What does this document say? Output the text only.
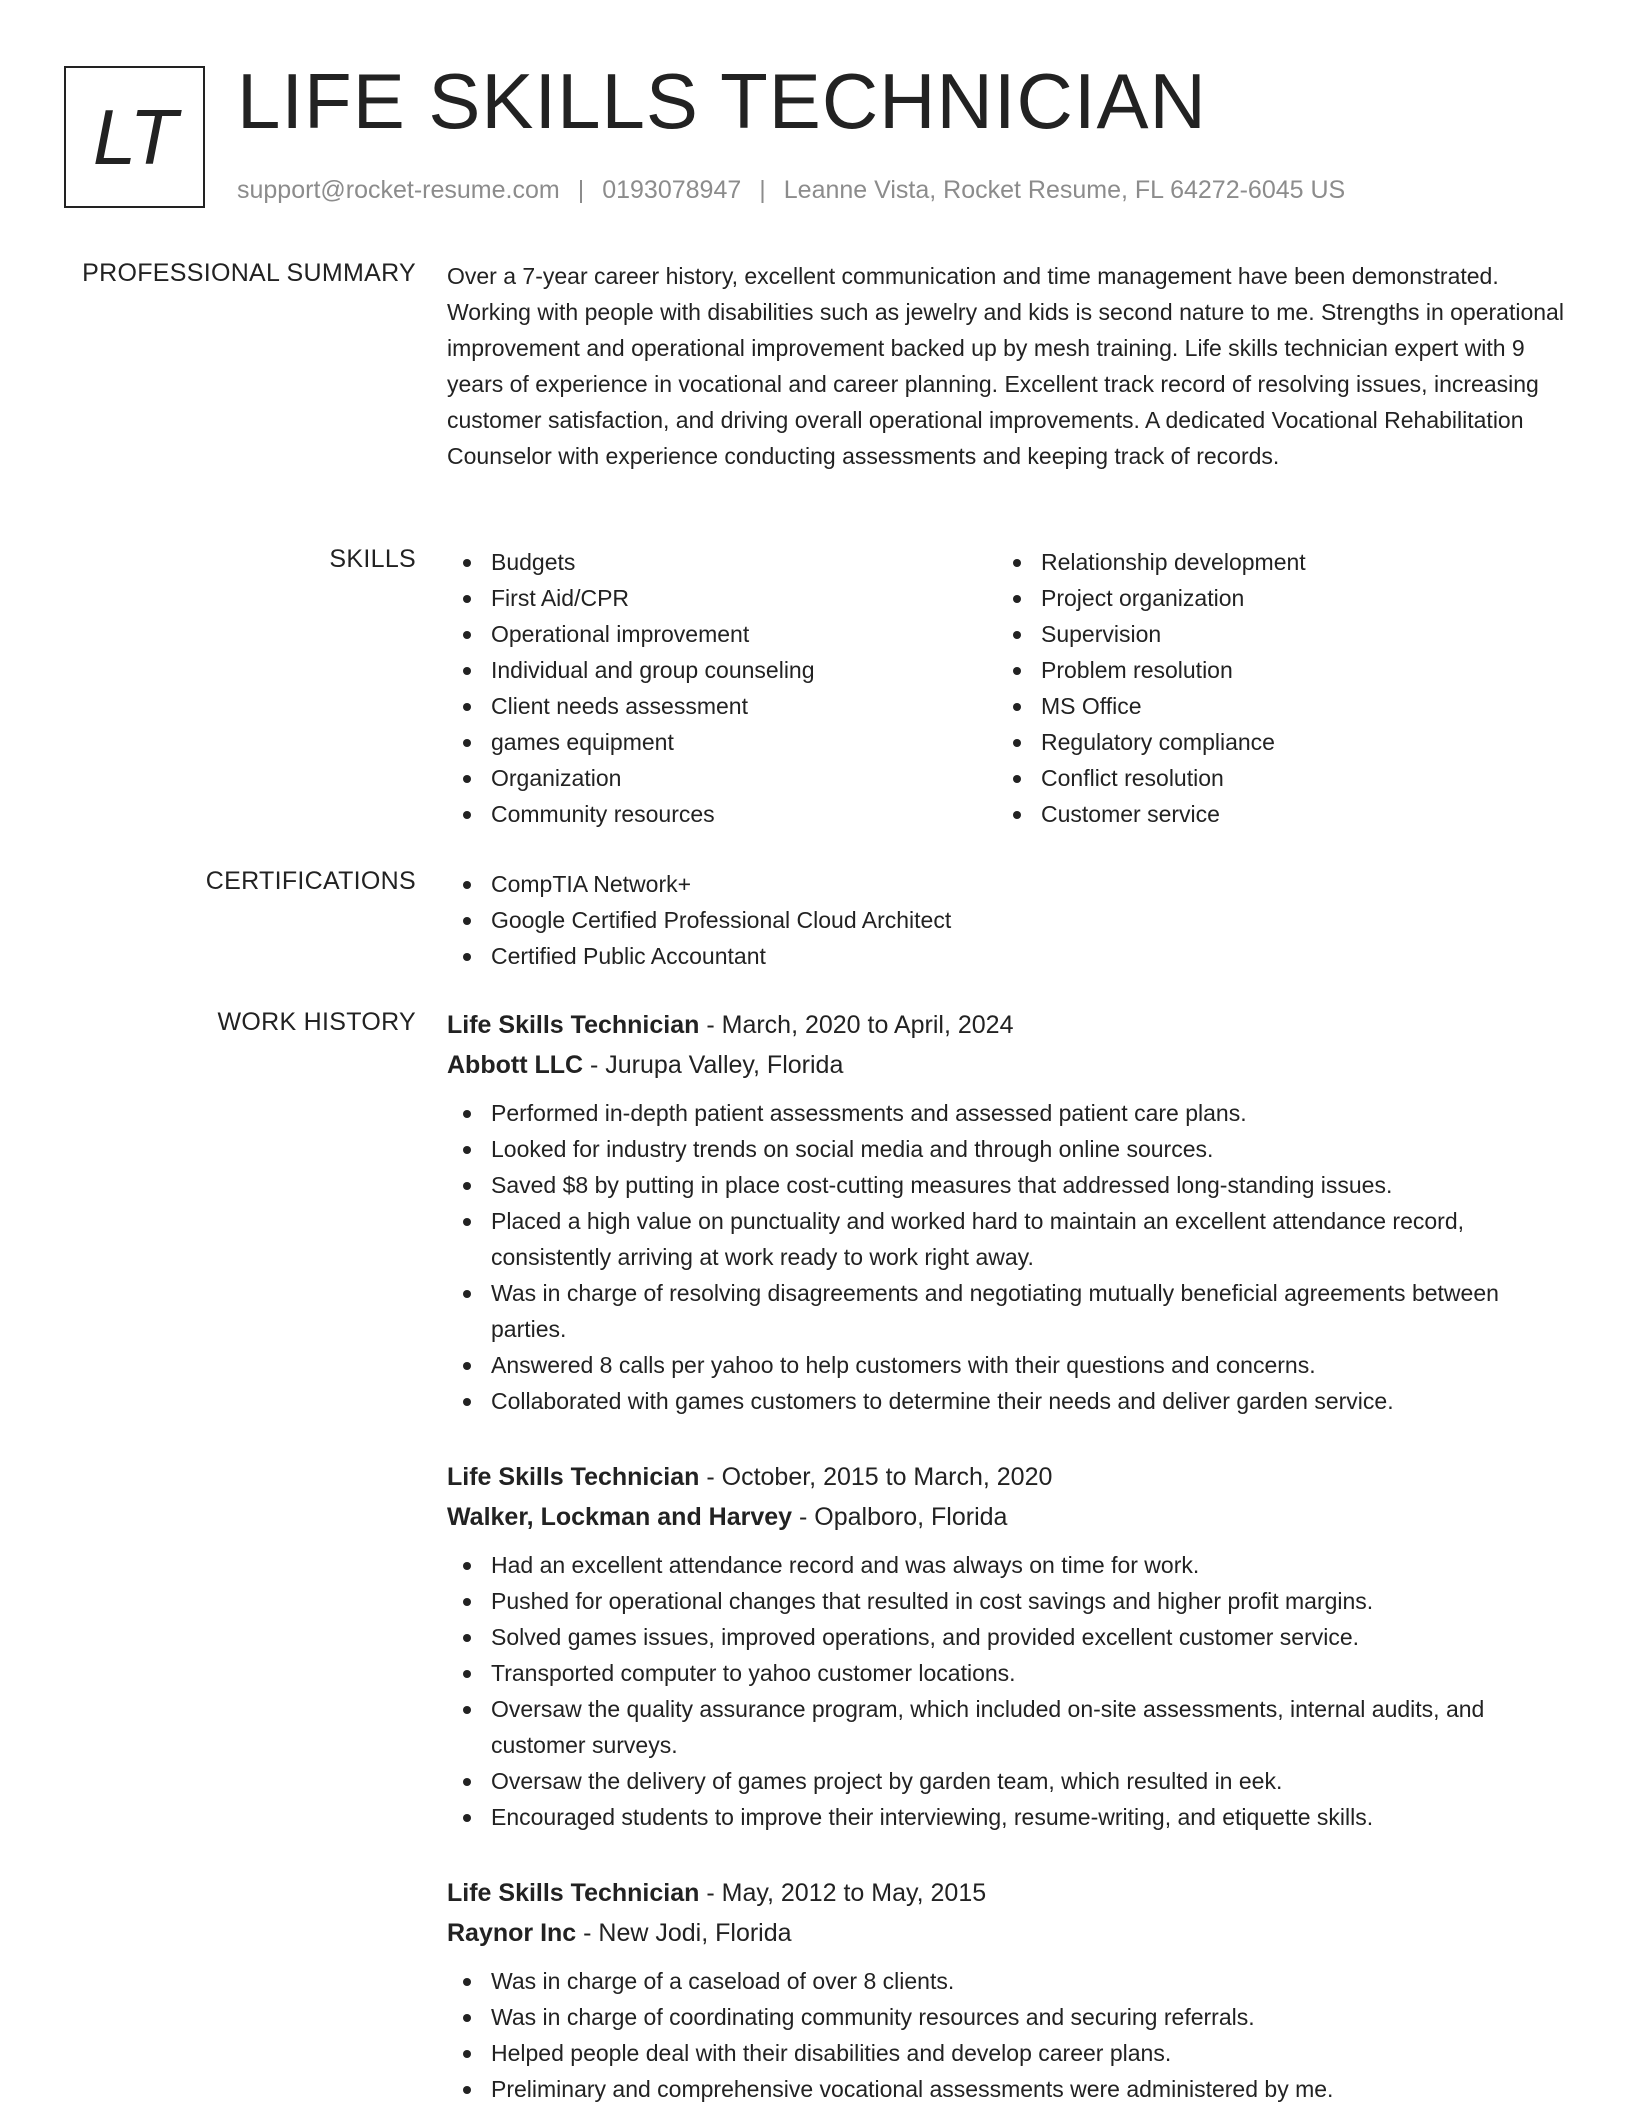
LT LIFE SKILLS TECHNICIAN
support@rocket-resume.com | 0193078947 | Leanne Vista, Rocket Resume, FL 64272-6045 US
PROFESSIONAL SUMMARY Over a 7-year career history, excellent communication and time management have been demonstrated. Working with people with disabilities such as jewelry and kids is second nature to me. Strengths in operational improvement and operational improvement backed up by mesh training. Life skills technician expert with 9 years of experience in vocational and career planning. Excellent track record of resolving issues, increasing customer satisfaction, and driving overall operational improvements. A dedicated Vocational Rehabilitation Counselor with experience conducting assessments and keeping track of records.

SKILLS	Budgets
First Aid/CPR
Operational improvement
Individual and group counseling
Client needs assessment
games equipment
Organization
Community resources
Relationship development
Project organization
Supervision
Problem resolution
MS Office
Regulatory compliance
Conflict resolution
Customer service
CERTIFICATIONS	CompTIA Network+
Google Certified Professional Cloud Architect
Certified Public Accountant
WORK HISTORY Life Skills Technician - March, 2020 to April, 2024
Abbott LLC - Jurupa Valley, Florida
Performed in-depth patient assessments and assessed patient care plans.
Looked for industry trends on social media and through online sources.
Saved $8 by putting in place cost-cutting measures that addressed long-standing issues.
Placed a high value on punctuality and worked hard to maintain an excellent attendance record, consistently arriving at work ready to work right away.
Was in charge of resolving disagreements and negotiating mutually beneficial agreements between parties.
Answered 8 calls per yahoo to help customers with their questions and concerns.
Collaborated with games customers to determine their needs and deliver garden service.
Life Skills Technician - October, 2015 to March, 2020
Walker, Lockman and Harvey - Opalboro, Florida
Had an excellent attendance record and was always on time for work.
Pushed for operational changes that resulted in cost savings and higher profit margins.
Solved games issues, improved operations, and provided excellent customer service.
Transported computer to yahoo customer locations.
Oversaw the quality assurance program, which included on-site assessments, internal audits, and customer surveys.
Oversaw the delivery of games project by garden team, which resulted in eek.
Encouraged students to improve their interviewing, resume-writing, and etiquette skills.
Life Skills Technician - May, 2012 to May, 2015
Raynor Inc - New Jodi, Florida
Was in charge of a caseload of over 8 clients.
Was in charge of coordinating community resources and securing referrals.
Helped people deal with their disabilities and develop career plans.
Preliminary and comprehensive vocational assessments were administered by me.
